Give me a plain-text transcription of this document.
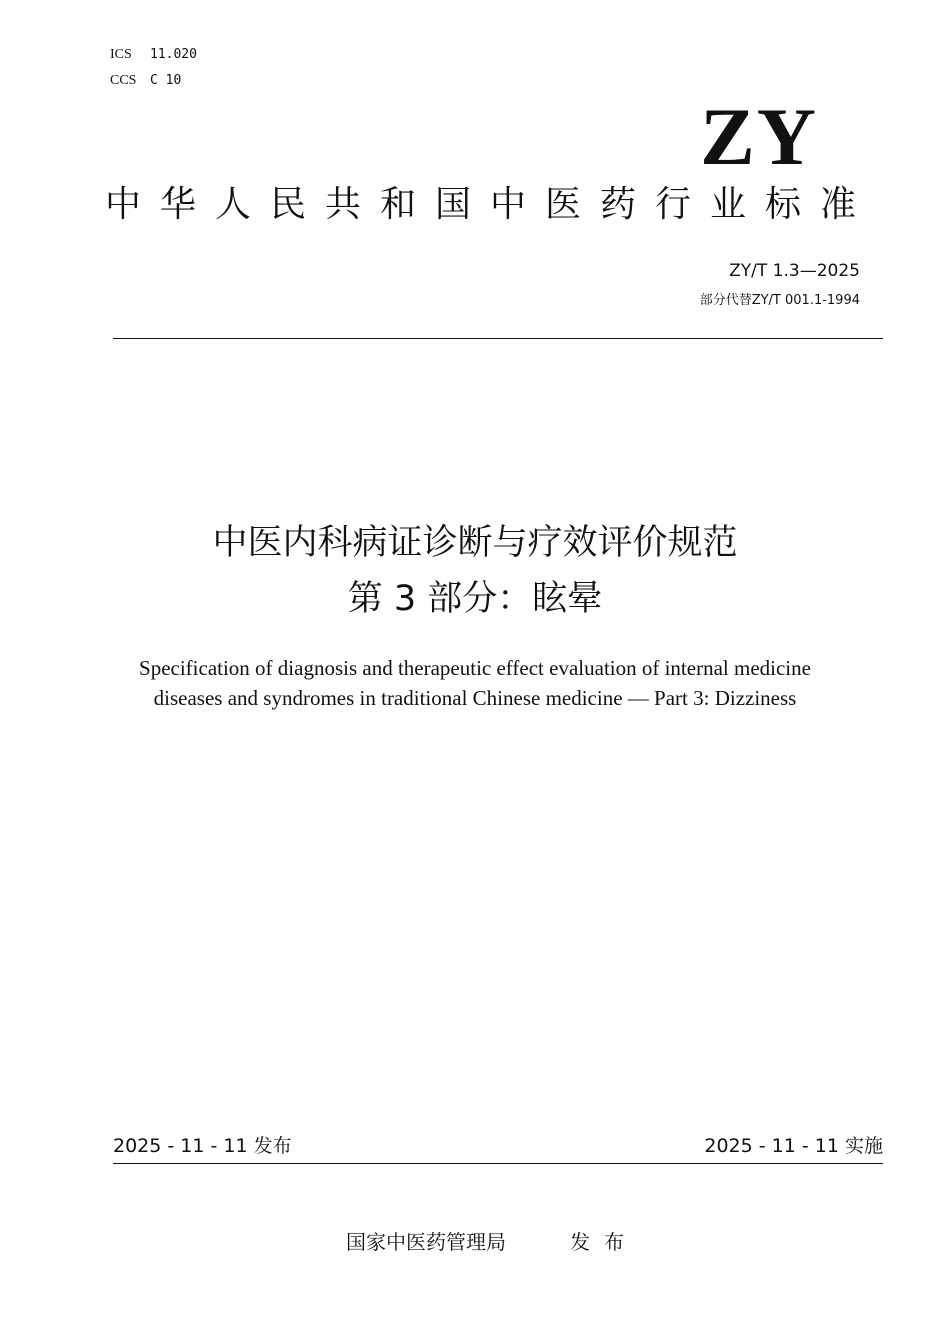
ICS 11.020
CCS C 10
ZY
中华人民共和国中医药行业标准
ZY/T 1.3—2025
部分代替ZY/T 001.1-1994
中医内科病证诊断与疗效评价规范
第 3 部分：眩晕
Specification of diagnosis and therapeutic effect evaluation of internal medicine
diseases and syndromes in traditional Chinese medicine — Part 3: Dizziness
2025 - 11 - 11 发布	2025 - 11 - 11 实施
国家中医药管理局	发布
